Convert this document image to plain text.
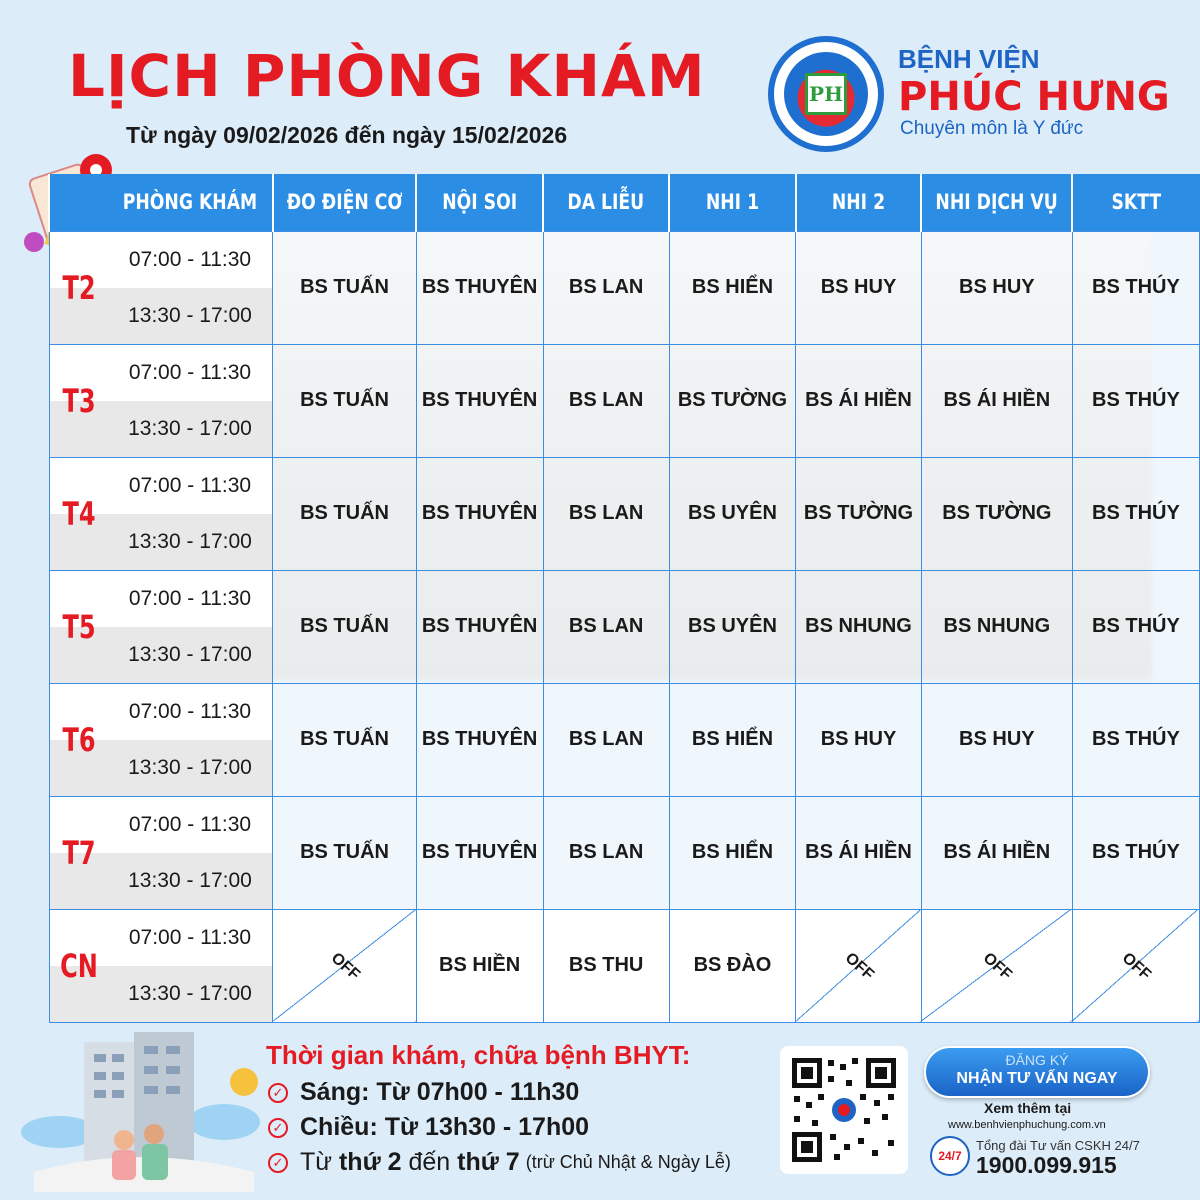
LỊCH PHÒNG KHÁM
Từ ngày 09/02/2026 đến ngày 15/02/2026
PH
BỆNH VIỆN
PHÚC HƯNG
Chuyên môn là Y đức
PHÒNG KHÁM	ĐO ĐIỆN CƠ	NỘI SOI	DA LIỄU	NHI 1	NHI 2	NHI DỊCH VỤ	SKTT

T2
07:00 - 11:30
13:30 - 17:00	BS TUẤN	BS THUYÊN	BS LAN	BS HIỂN	BS HUY	BS HUY	BS THÚY

T3
07:00 - 11:30
13:30 - 17:00	BS TUẤN	BS THUYÊN	BS LAN	BS TƯỜNG	BS ÁI HIỀN	BS ÁI HIỀN	BS THÚY

T4
07:00 - 11:30
13:30 - 17:00	BS TUẤN	BS THUYÊN	BS LAN	BS UYÊN	BS TƯỜNG	BS TƯỜNG	BS THÚY

T5
07:00 - 11:30
13:30 - 17:00	BS TUẤN	BS THUYÊN	BS LAN	BS UYÊN	BS NHUNG	BS NHUNG	BS THÚY

T6
07:00 - 11:30
13:30 - 17:00	BS TUẤN	BS THUYÊN	BS LAN	BS HIỂN	BS HUY	BS HUY	BS THÚY

T7
07:00 - 11:30
13:30 - 17:00	BS TUẤN	BS THUYÊN	BS LAN	BS HIỂN	BS ÁI HIỀN	BS ÁI HIỀN	BS THÚY

CN
07:00 - 11:30
13:30 - 17:00	OFF	BS HIỀN	BS THU	BS ĐÀO	OFF	OFF	OFF
Thời gian khám, chữa bệnh BHYT:
✓ Sáng: Từ 07h00 - 11h30
✓ Chiều: Từ 13h30 - 17h00
✓ Từ
thứ 2
đến
thứ 7 (trừ Chủ Nhật & Ngày Lễ)
ĐĂNG KÝ
NHẬN TƯ VẤN NGAY
Xem thêm tại
www.benhvienphuchung.com.vn
24/7
Tổng đài Tư vấn CSKH 24/7
1900.099.915
